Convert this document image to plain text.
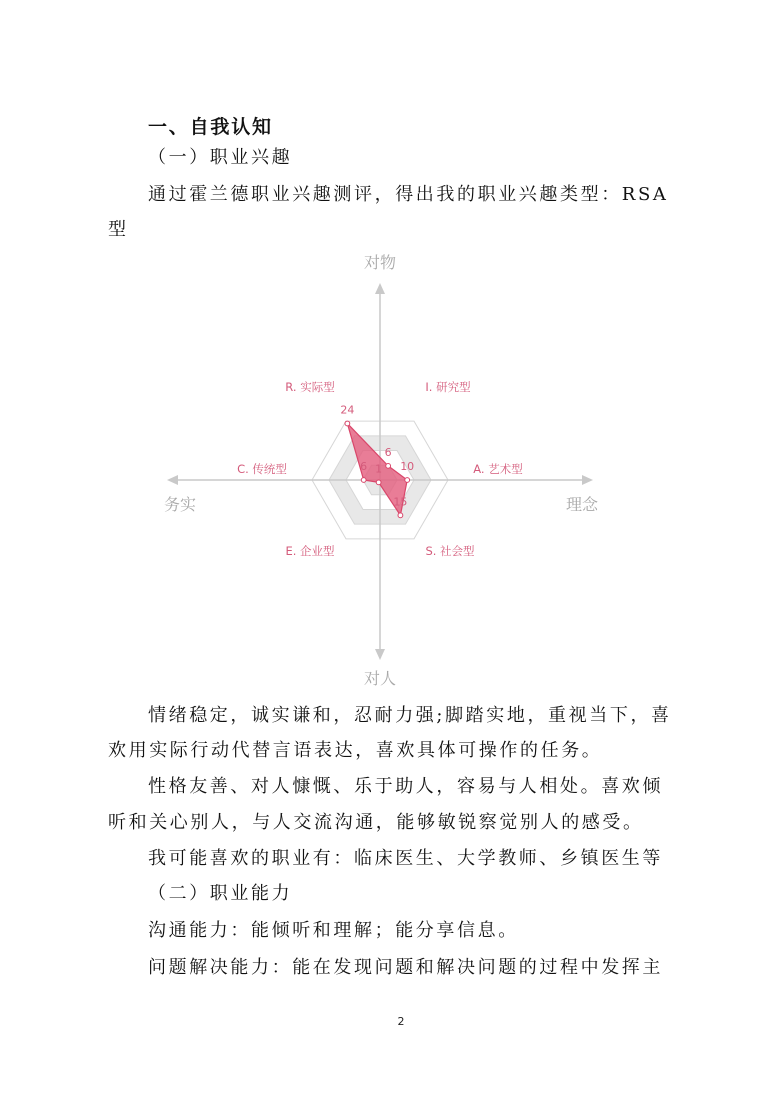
一、自我认知
（一）职业兴趣
通过霍兰德职业兴趣测评，得出我的职业兴趣类型：RSA
型
对物
对人
务实	理念
R. 实际型	I. 研究型
A. 艺术型
S. 社会型
E. 企业型
C. 传统型
24
6
10
15
1
6
情绪稳定，诚实谦和，忍耐力强;脚踏实地，重视当下，喜
欢用实际行动代替言语表达，喜欢具体可操作的任务。
性格友善、对人慷慨、乐于助人，容易与人相处。喜欢倾
听和关心别人，与人交流沟通，能够敏锐察觉别人的感受。
我可能喜欢的职业有：临床医生、大学教师、乡镇医生等
（二）职业能力
沟通能力：能倾听和理解；能分享信息。
问题解决能力：能在发现问题和解决问题的过程中发挥主
2
